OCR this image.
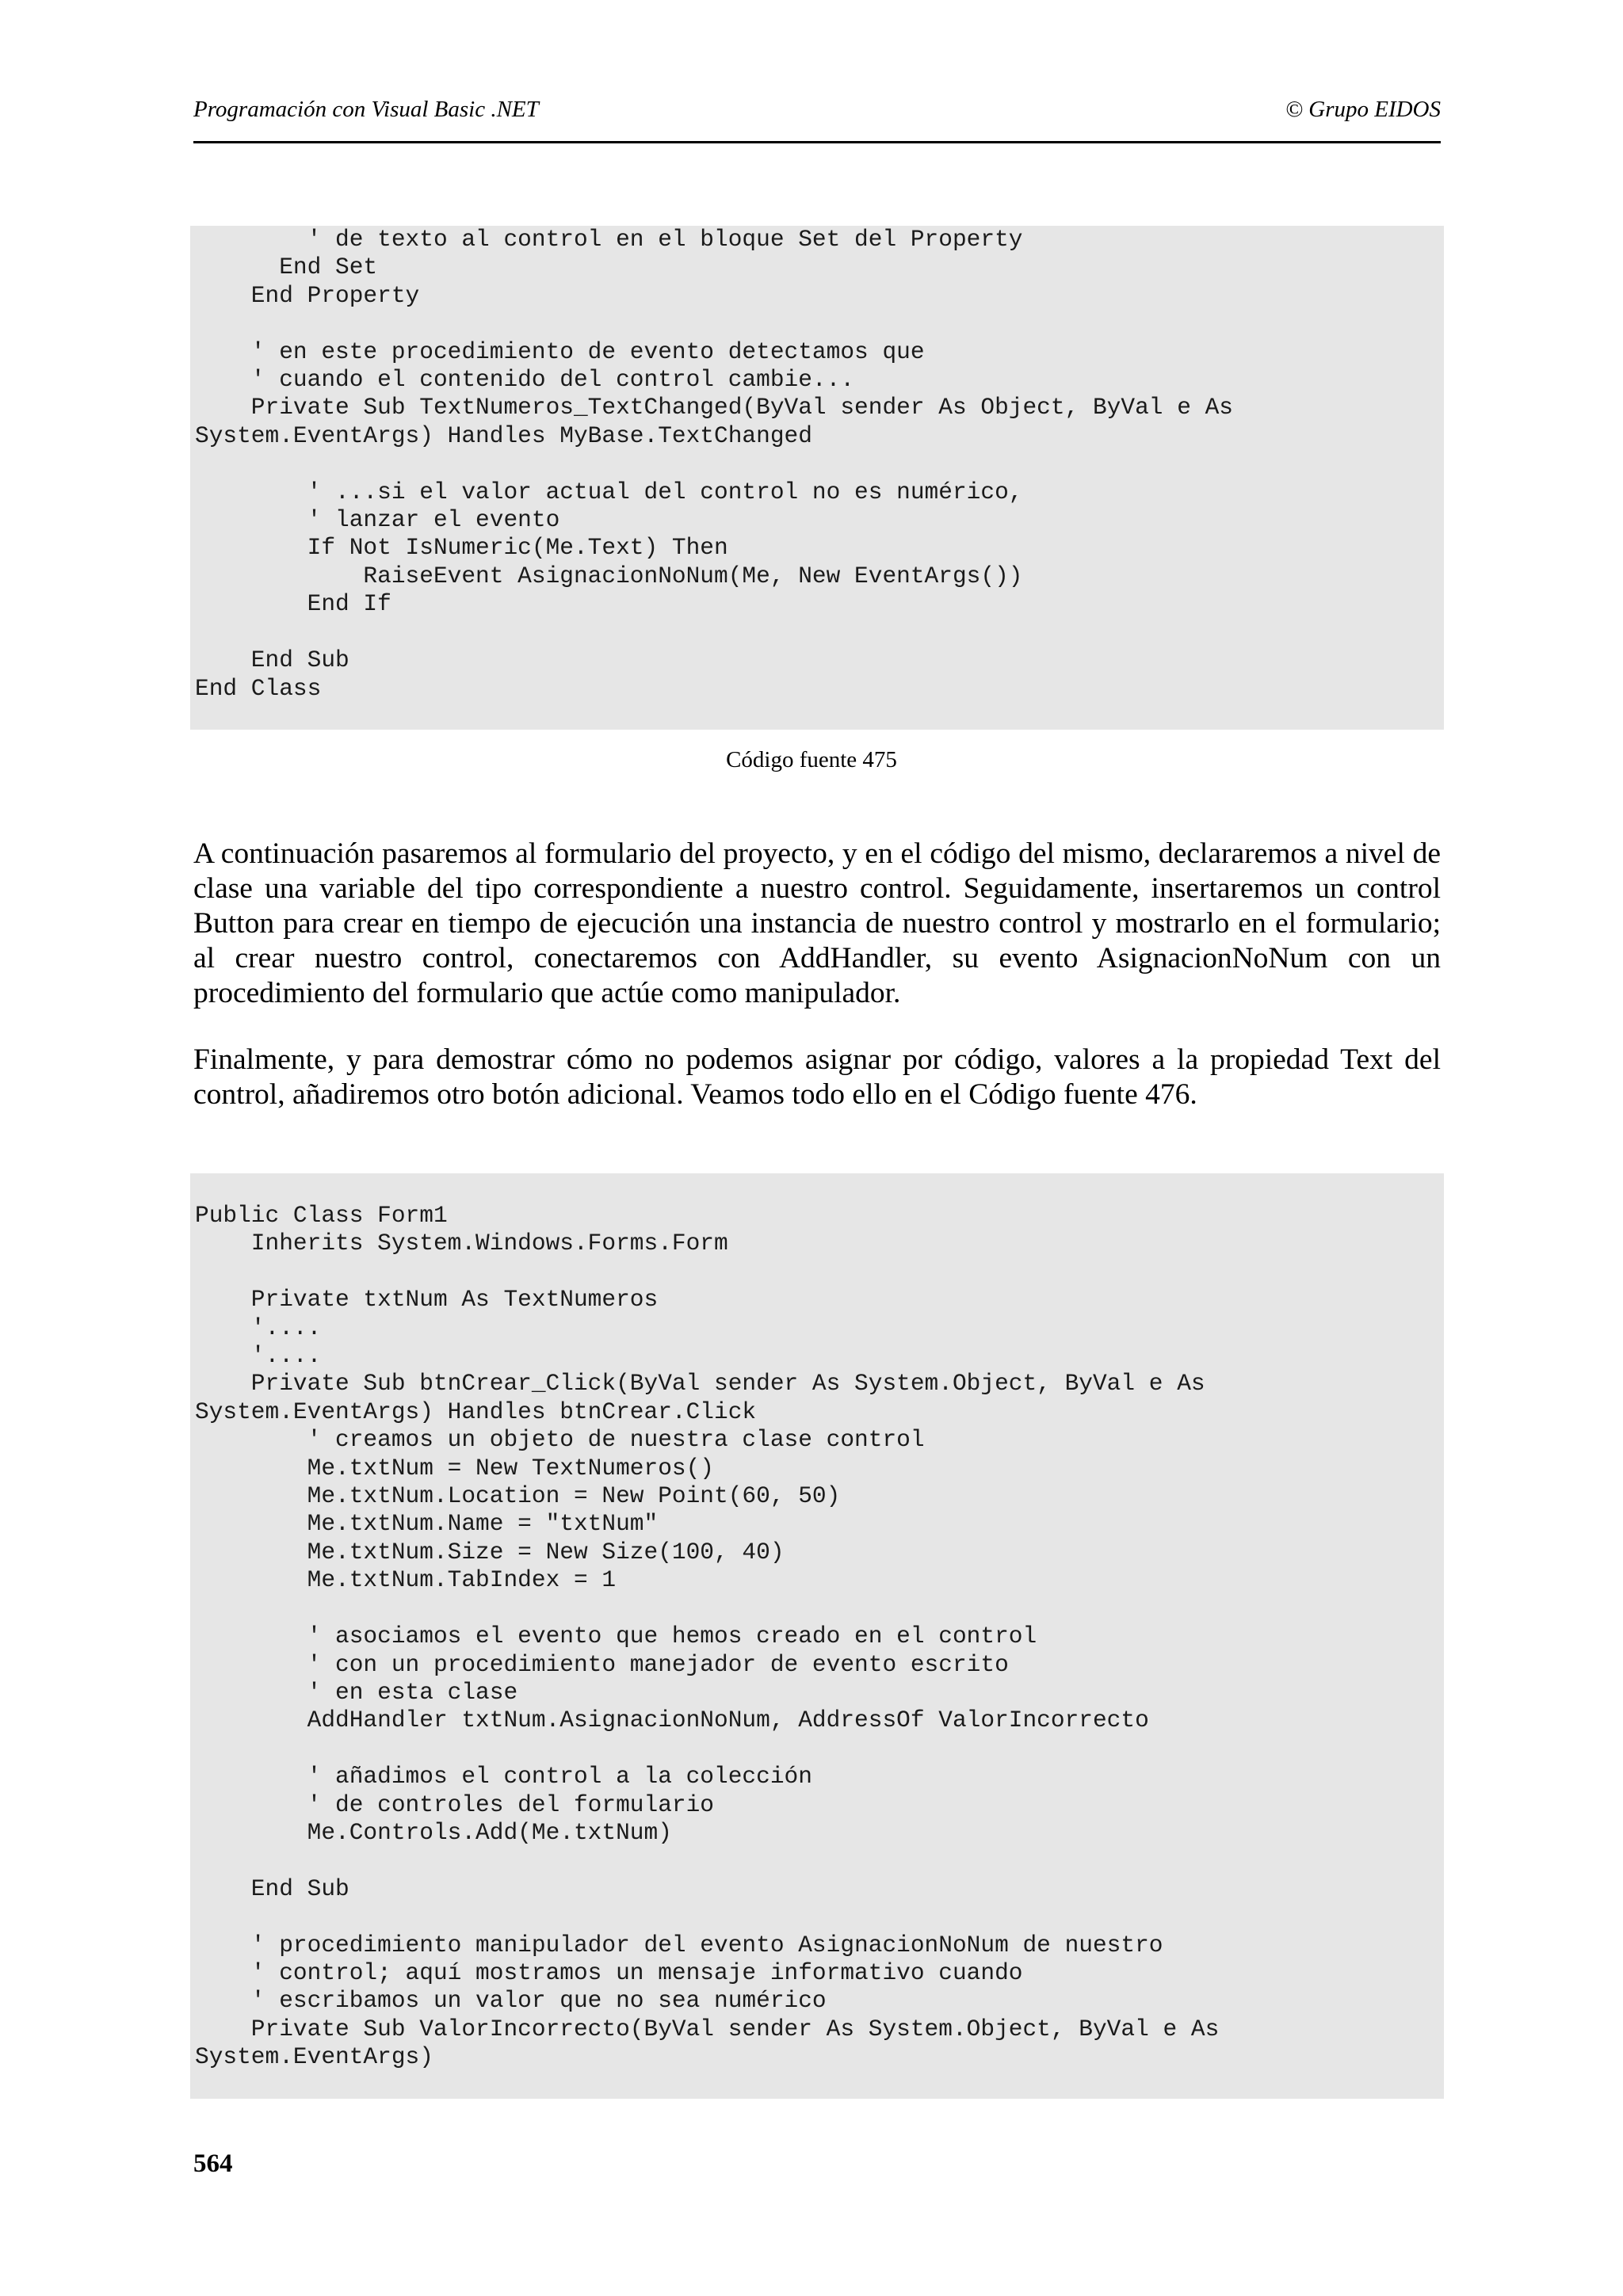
Programación con Visual Basic .NET	© Grupo EIDOS
' de texto al control en el bloque Set del Property
End Set
End Property

' en este procedimiento de evento detectamos que
' cuando el contenido del control cambie...
Private Sub TextNumeros_TextChanged(ByVal sender As Object, ByVal e As
System.EventArgs) Handles MyBase.TextChanged

' ...si el valor actual del control no es numérico,
' lanzar el evento
If Not IsNumeric(Me.Text) Then
RaiseEvent AsignacionNoNum(Me, New EventArgs())
End If

End Sub
End Class
Código fuente 475

A continuación pasaremos al formulario del proyecto, y en el código del mismo, declararemos a nivel de clase una variable del tipo correspondiente a nuestro control. Seguidamente, insertaremos un control Button para crear en tiempo de ejecución una instancia de nuestro control y mostrarlo en el formulario; al crear nuestro control, conectaremos con AddHandler, su evento AsignacionNoNum con un procedimiento del formulario que actúe como manipulador.

Finalmente, y para demostrar cómo no podemos asignar por código, valores a la propiedad Text del control, añadiremos otro botón adicional. Veamos todo ello en el Código fuente 476.

Public Class Form1
Inherits System.Windows.Forms.Form

Private txtNum As TextNumeros
'....
'....
Private Sub btnCrear_Click(ByVal sender As System.Object, ByVal e As
System.EventArgs) Handles btnCrear.Click
' creamos un objeto de nuestra clase control
Me.txtNum = New TextNumeros()
Me.txtNum.Location = New Point(60, 50)
Me.txtNum.Name = "txtNum"
Me.txtNum.Size = New Size(100, 40)
Me.txtNum.TabIndex = 1

' asociamos el evento que hemos creado en el control
' con un procedimiento manejador de evento escrito
' en esta clase
AddHandler txtNum.AsignacionNoNum, AddressOf ValorIncorrecto

' añadimos el control a la colección
' de controles del formulario
Me.Controls.Add(Me.txtNum)

End Sub

' procedimiento manipulador del evento AsignacionNoNum de nuestro
' control; aquí mostramos un mensaje informativo cuando
' escribamos un valor que no sea numérico
Private Sub ValorIncorrecto(ByVal sender As System.Object, ByVal e As
System.EventArgs)
564
